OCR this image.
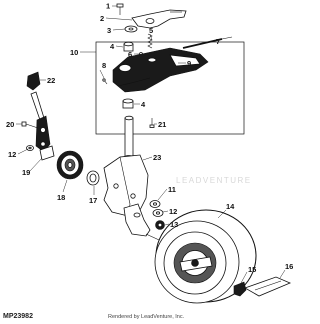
1
2
3
4
5
6
7
8	9
10
4
21
22
20
12
19
18	17
23
11
12
13
14
15	16
LEADVENTURE
MP23982	Rendered by LeadVenture, Inc.
